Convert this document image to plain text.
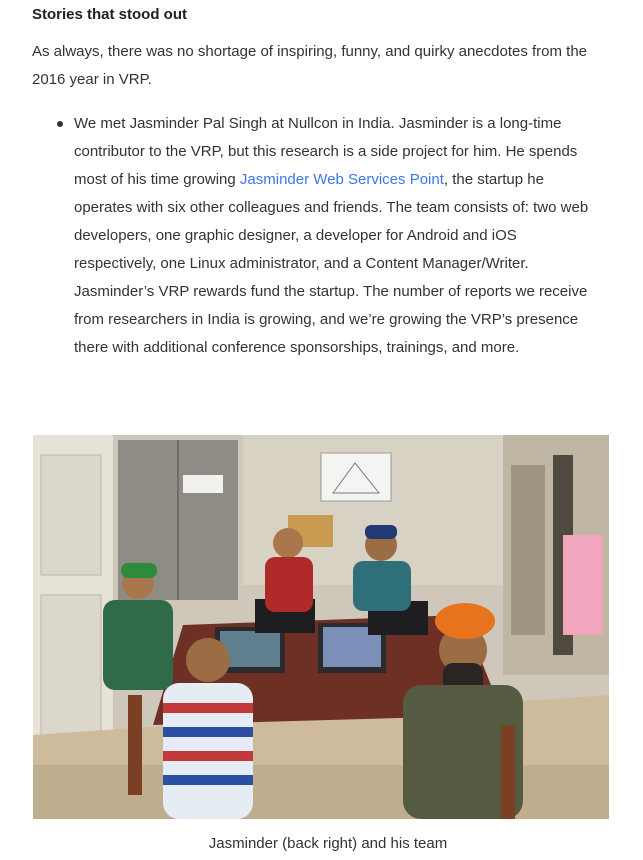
Stories that stood out

As always, there was no shortage of inspiring, funny, and quirky anecdotes from the 2016 year in VRP.

We met Jasminder Pal Singh at Nullcon in India. Jasminder is a long-time contributor to the VRP, but this research is a side project for him. He spends most of his time growing Jasminder Web Services Point, the startup he operates with six other colleagues and friends. The team consists of: two web developers, one graphic designer, a developer for Android and iOS respectively, one Linux administrator, and a Content Manager/Writer. Jasminder’s VRP rewards fund the startup. The number of reports we receive from researchers in India is growing, and we’re growing the VRP’s presence there with additional conference sponsorships, trainings, and more.
Jasminder (back right) and his team
